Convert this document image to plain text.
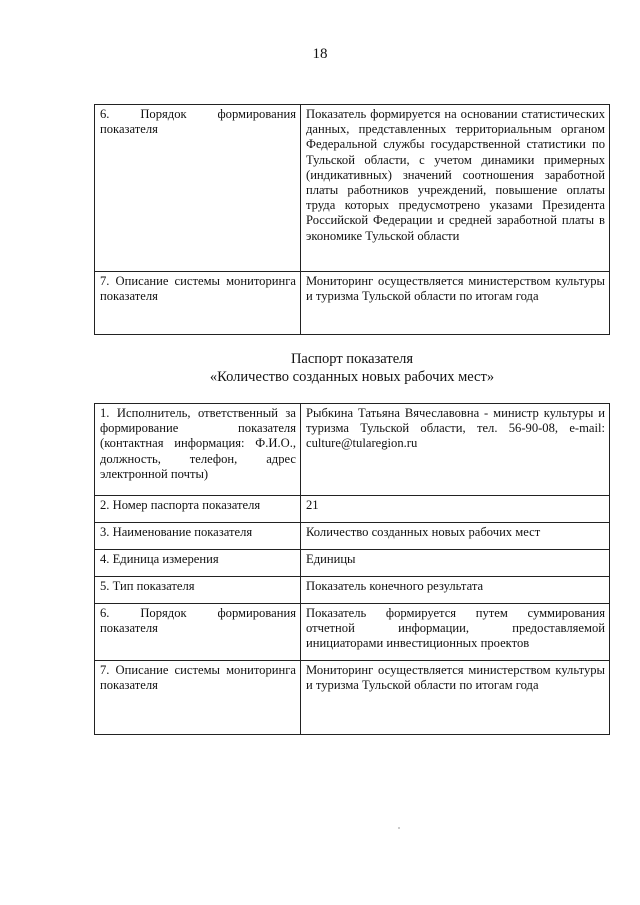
18
6. Порядок формирования показателя	Показатель формируется на основании статистических данных, представленных территориальным органом Федеральной службы государственной статистики по Тульской области, с учетом динамики примерных (индикативных) значений соотношения заработной платы работников учреждений, повышение оплаты труда которых предусмотрено указами Президента Российской Федерации и средней заработной платы в экономике Тульской области
7. Описание системы мониторинга показателя	Мониторинг осуществляется министерством культуры и туризма Тульской области по итогам года
Паспорт показателя
«Количество созданных новых рабочих мест»
1. Исполнитель, ответственный за формирование показателя (контактная информация: Ф.И.О., должность, телефон, адрес электронной почты)	Рыбкина Татьяна Вячеславовна - министр культуры и туризма Тульской области, тел. 56-90-08, e-mail: culture@tularegion.ru
2. Номер паспорта показателя	21
3. Наименование показателя	Количество созданных новых рабочих мест
4. Единица измерения	Единицы
5. Тип показателя	Показатель конечного результата
6. Порядок формирования показателя	Показатель формируется путем суммирования отчетной информации, предоставляемой инициаторами инвестиционных проектов
7. Описание системы мониторинга показателя	Мониторинг осуществляется министерством культуры и туризма Тульской области по итогам года
